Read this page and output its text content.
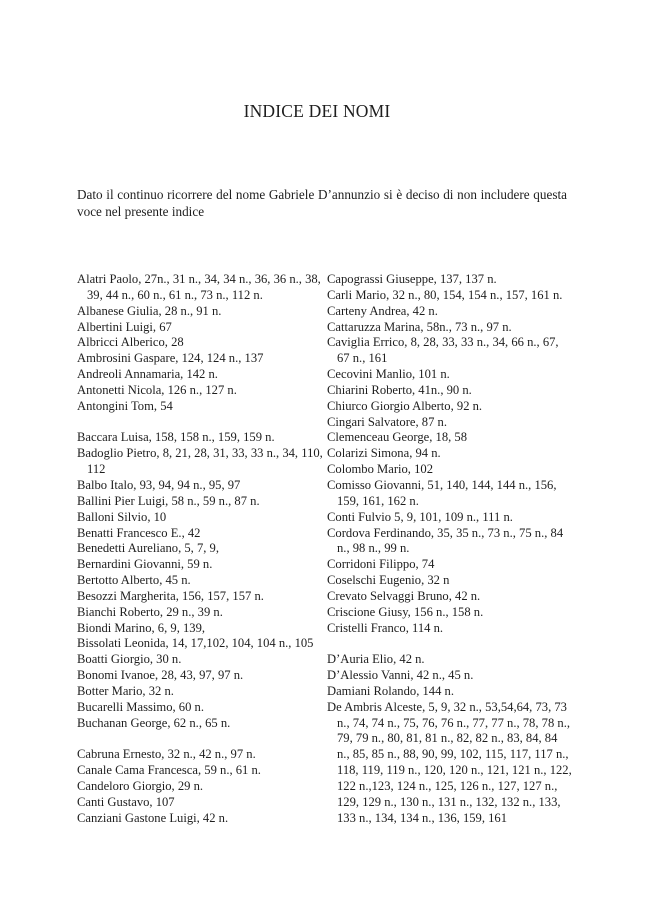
INDICE DEI NOMI
Dato il continuo ricorrere del nome Gabriele D’annunzio si è deciso di non includere questa voce nel presente indice
Alatri Paolo, 27n., 31 n., 34, 34 n., 36, 36 n., 38, 39, 44 n., 60 n., 61 n., 73 n., 112 n.
Albanese Giulia, 28 n., 91 n.
Albertini Luigi, 67
Albricci Alberico, 28
Ambrosini Gaspare, 124, 124 n., 137
Andreoli Annamaria, 142 n.
Antonetti Nicola, 126 n., 127 n.
Antongini Tom, 54
Baccara Luisa, 158, 158 n., 159, 159 n.
Badoglio Pietro, 8, 21, 28, 31, 33, 33 n., 34, 110, 112
Balbo Italo, 93, 94, 94 n., 95, 97
Ballini Pier Luigi, 58 n., 59 n., 87 n.
Balloni Silvio, 10
Benatti Francesco E., 42
Benedetti Aureliano, 5, 7, 9,
Bernardini Giovanni, 59 n.
Bertotto Alberto, 45 n.
Besozzi Margherita, 156, 157, 157 n.
Bianchi Roberto, 29 n., 39 n.
Biondi Marino, 6, 9, 139,
Bissolati Leonida, 14, 17,102, 104, 104 n., 105
Boatti Giorgio, 30 n.
Bonomi Ivanoe, 28, 43, 97, 97 n.
Botter Mario, 32 n.
Bucarelli Massimo, 60 n.
Buchanan George, 62 n., 65 n.
Cabruna Ernesto, 32 n., 42 n., 97 n.
Canale Cama Francesca, 59 n., 61 n.
Candeloro Giorgio, 29 n.
Canti Gustavo, 107
Canziani Gastone Luigi, 42 n.
Capograssi Giuseppe, 137, 137 n.
Carli Mario, 32 n., 80, 154, 154 n., 157, 161 n.
Carteny Andrea, 42 n.
Cattaruzza Marina, 58n., 73 n., 97 n.
Caviglia Errico, 8, 28, 33, 33 n., 34, 66 n., 67, 67 n., 161
Cecovini Manlio, 101 n.
Chiarini Roberto, 41n., 90 n.
Chiurco Giorgio Alberto, 92 n.
Cingari Salvatore, 87 n.
Clemenceau George, 18, 58
Colarizi Simona, 94 n.
Colombo Mario, 102
Comisso Giovanni, 51, 140, 144, 144 n., 156, 159, 161, 162 n.
Conti Fulvio 5, 9, 101, 109 n., 111 n.
Cordova Ferdinando, 35, 35 n., 73 n., 75 n., 84 n., 98 n., 99 n.
Corridoni Filippo, 74
Coselschi Eugenio, 32 n
Crevato Selvaggi Bruno, 42 n.
Criscione Giusy, 156 n., 158 n.
Cristelli Franco, 114 n.
D’Auria Elio, 42 n.
D’Alessio Vanni, 42 n., 45 n.
Damiani Rolando, 144 n.
De Ambris Alceste, 5, 9, 32 n., 53,54,64, 73, 73 n., 74, 74 n., 75, 76, 76 n., 77, 77 n., 78, 78 n., 79, 79 n., 80, 81, 81 n., 82, 82 n., 83, 84, 84 n., 85, 85 n., 88, 90, 99, 102, 115, 117, 117 n., 118, 119, 119 n., 120, 120 n., 121, 121 n., 122, 122 n.,123, 124 n., 125, 126 n., 127, 127 n., 129, 129 n., 130 n., 131 n., 132, 132 n., 133, 133 n., 134, 134 n., 136, 159, 161
